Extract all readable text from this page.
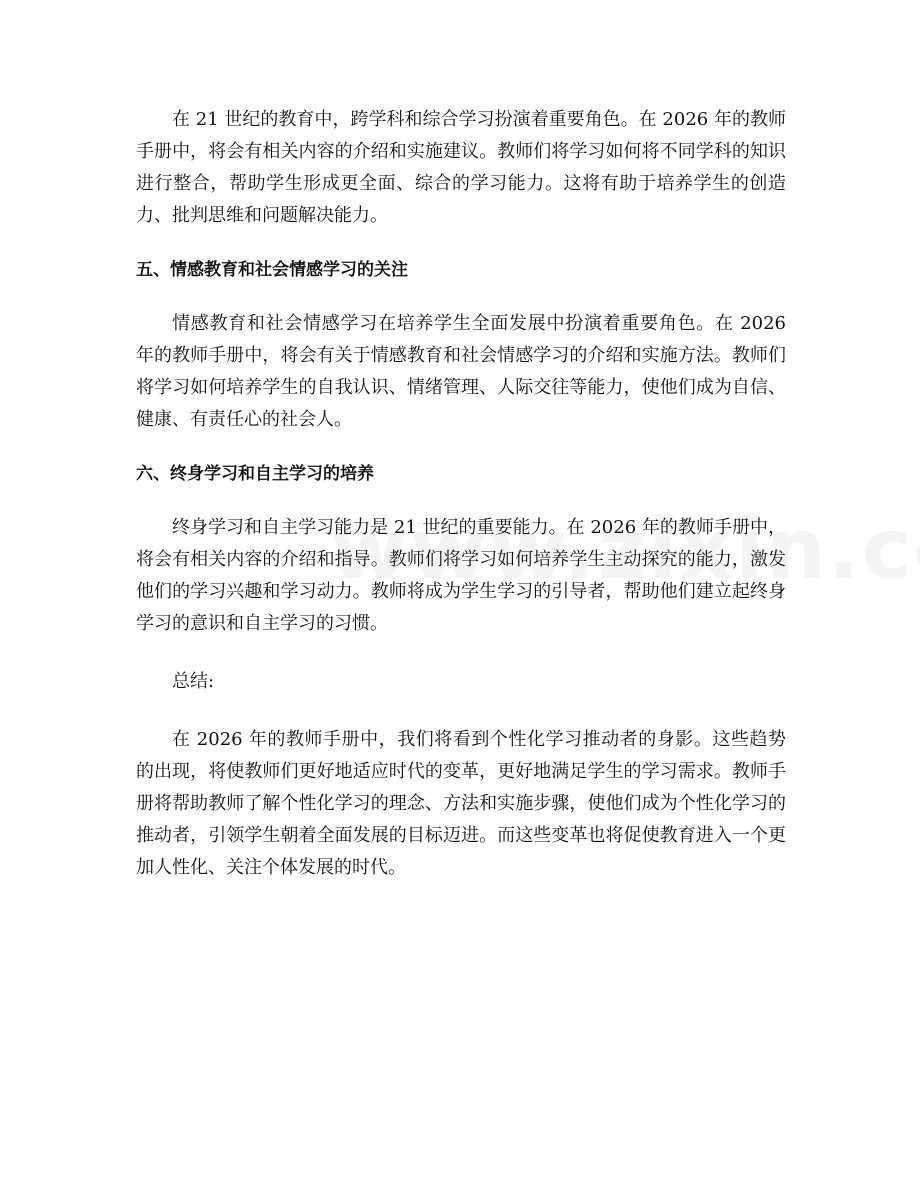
在 21 世纪的教育中，跨学科和综合学习扮演着重要角色。在 2026 年的教师手册中，将会有相关内容的介绍和实施建议。教师们将学习如何将不同学科的知识进行整合，帮助学生形成更全面、综合的学习能力。这将有助于培养学生的创造力、批判思维和问题解决能力。

五、情感教育和社会情感学习的关注

情感教育和社会情感学习在培养学生全面发展中扮演着重要角色。在 2026 年的教师手册中，将会有关于情感教育和社会情感学习的介绍和实施方法。教师们将学习如何培养学生的自我认识、情绪管理、人际交往等能力，使他们成为自信、健康、有责任心的社会人。

六、终身学习和自主学习的培养

终身学习和自主学习能力是 21 世纪的重要能力。在 2026 年的教师手册中，将会有相关内容的介绍和指导。教师们将学习如何培养学生主动探究的能力，激发他们的学习兴趣和学习动力。教师将成为学生学习的引导者，帮助他们建立起终身学习的意识和自主学习的习惯。

总结:

在 2026 年的教师手册中，我们将看到个性化学习推动者的身影。这些趋势的出现，将使教师们更好地适应时代的变革，更好地满足学生的学习需求。教师手册将帮助教师了解个性化学习的理念、方法和实施步骤，使他们成为个性化学习的推动者，引领学生朝着全面发展的目标迈进。而这些变革也将促使教育进入一个更加人性化、关注个体发展的时代。
